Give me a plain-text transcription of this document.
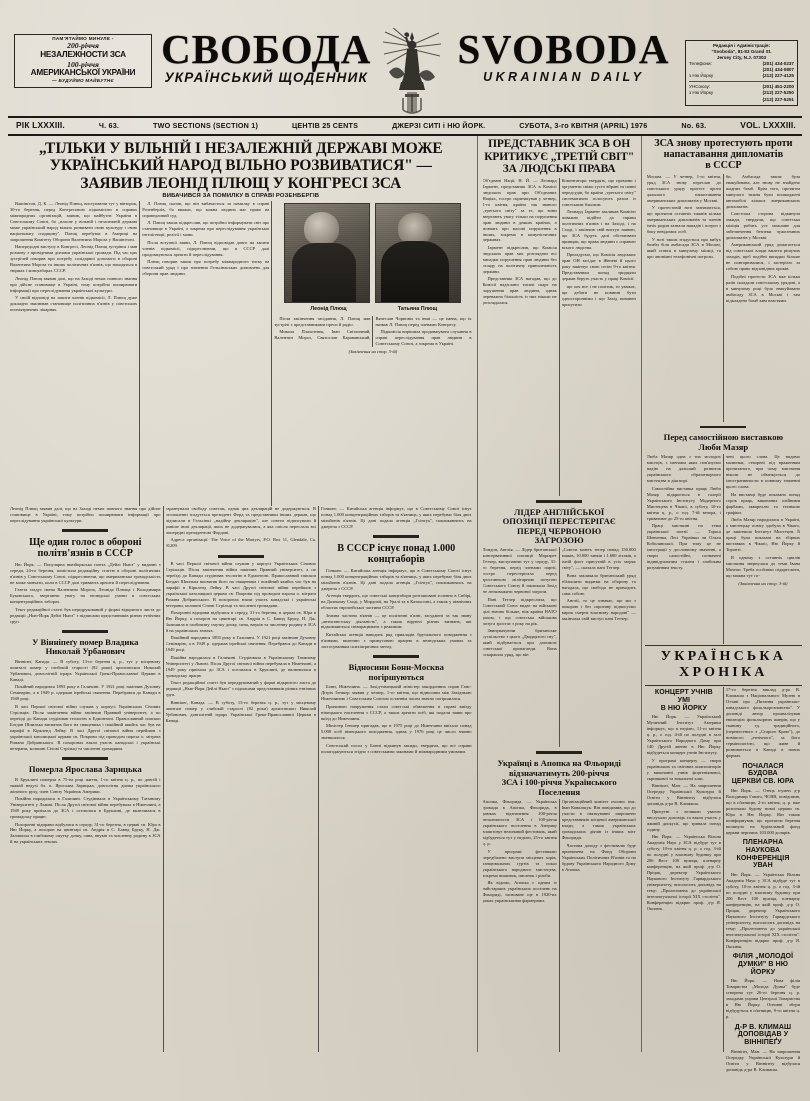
ПАМ'ЯТАЙМО МИНУЛЕ -
200-річчя
НЕЗАЛЕЖНОСТИ ЗСА
100-річчя
АМЕРИКАНСЬКОЇ УКРАЇНИ
— БУДУЙМО МАЙБУТНЄ
СВОБОДА
УКРАЇНСЬКИЙ ЩОДЕННИК
SVOBODA
UKRAINIAN DAILY
Редакція і Адміністрація:
"Svoboda", 81-83 Grand St.
Jersey City, N.J. 07303
Телефони:	(201) 434-0237
(201) 434-0807
з Ню Йорку	(212) 227-4125
УНСоюзу:	(201) 451-2200
з Ню Йорку	(212) 227-5250
(212) 227-5251
РІК LXXXIII.	Ч. 63.	TWO SECTIONS (SECTION 1)	ЦЕНТІВ 25 CENTS	ДЖЕРЗІ СИТІ і НЮ ЙОРК.	СУБОТА, 3-го КВІТНЯ (APRIL) 1976	No. 63.	VOL. LXXXIII.
„ТІЛЬКИ У ВІЛЬНІЙ І НЕЗАЛЕЖНІЙ ДЕРЖАВІ МОЖЕ
УКРАЇНСЬКИЙ НАРОД ВІЛЬНО РОЗВИВАТИСЯ" —
ЗАЯВИВ ЛЕОНІД ПЛЮЩ У КОНГРЕСІ ЗСА
ВИБАЧИВСЯ ЗА ПОМИЛКУ В СПРАВІ РОЗЕНБЕРГІВ

Вашінґтон, Д. К. — Леонід Плющ, виступаючи тут у вівторок, 30-го березня, перед Конгресовою підкомісією в справах міжнародних організацій, заявив, що майбутнє України в Совєтському Союзі, бо „власне у вільній і незалежній державі може український народ вільно розвивати свою культуру і свою національну спадщину". Плющ перебуває в Америці на запрошення Комітету Оборони Валентина Мороза у Вашінґтоні.

Напередодні виступу в Конгресі, Леонід Плющ зустрівся і мав розмову з провідними діячами української громади. Під час цих зустрічей говорив про потребу солідарної допомоги в обороні Валентина Мороза та інших політичних в'язнів, що находяться в тюрмах і концтаборах СССР.

Леонід Плющ заявив далі, що на Заході немає повного знання про дійсне становище в Україні, тому потрібно поширювати інформації про переслідування української культури.

У своїй відповіді на запити членів підкомісії, Л. Плющ дуже докладно змалював становище політичних в'язнів у совєтських психіятричних лікарнях.

Л. Плющ сказав, що він вибачається за помилку в справі Розенберґів, бо вважає, що кожна людина має право на справедливий суд.

Л. Плющ також підкреслив, що потрібно інформувати світ про становище в Україні, а зокрема про переслідування української інтелігенції, релігії і мови.

Після вступної заяви, Л. Плющ відповідав довго на запити членів підкомісії, підкреслюючи, що в СССР далі продовжуються арешти й переслідування.

Плющ говорив також про потребу міжнародного тиску на совєтський уряд і про значення Гельсінкських домовлень для оборони прав людини.

Леонід Плющ	Татьяна Плющ

Після закінчення засідання, Л. Плющ мав зустрічі з представниками преси й радіо.

Микола Плахотнюк, Іван Світличний, Валентин Мороз, Святослав Караванський, Вячеслав Чорновіл та інші — це імена, що їх назвав Л. Плющ перед членами Конгресу.

Підкомісія вирішила продовжувати слухання в справі переслідування прав людини в Совєтському Союзі, а зокрема в Україні.

(Закінчення на стор. 3-ій)

Леонід Плющ заявив далі, що на Заході немає повного знання про дійсне становище в Україні, тому потрібно поширювати інформації про переслідування української культури.

Ще один голос в обороні
політв'язнів в СССР

Ню Йорк. — Популярна ньюйоркська газета „Дейлі Ньюз" у виданні з середи, 24-го березня, помістила редакційну статтю в обороні політичних в'язнів у Совєтському Союзі, підкреслюючи, що американська громадськість не може мовчати, коли в СССР далі тривають арешти й переслідування.

Газета згадує імена Валентина Мороза, Леоніда Плюща і Володимира Буковського, звертаючи увагу на нелюдські умови в совєтських концентраційних таборах.

Текст редакційної статті був передрукований у формі відкритого листа до редакції „Нью-Йорк Дейлі Ньюз" з підписами представників різних етнічних груп.

У Вінніпеґу помер Владика
Николай Урбанович

Вінніпеґ, Канада. — В суботу, 13-го березня ц. р., тут у місцевому шпиталі помер у глибокій старості (82 роки) архиєпископ Николай Урбанович, довголітній ієрарх Української Греко-Православної Церкви в Канаді.

Покійний народився 1893 року в Галичині. У 1921 році закінчив Духовну Семінарію, а в 1949 р. одержав ієрейські свячення. Перебрався до Канади в 1949 році.

В часі Першої світової війни служив у корпусі Українських Січових Стрільців. Після закінчення війни закінчив Правний університет, а по переїзді до Канади студіював теологію в Едмонтоні. Православний єпископ Богдан Шпилька висвятив його на священика і покійний якийсь час був на парафії в Кіркленд Лейку. В часі Другої світової війни перейшов з української католицької церкви св. Покрови під проводом пароха о. мітрата Романа Добрянського. В похоронах взяли участь канадські і українські ветерани, колишні Січові Стрільці та численні громадяни.

Померла Ярослава Зарицька

В Бруклині померла в 75-ім році життя, 1-го квітня ц. р., по довгій і тяжкій недузі бл. п. Ярослава Зарицька, довголітня діячка українського жіночого руху, член Союзу Українок Америки.

Покійна народилася в Галичині. Студіювала в Українському Таємному Університеті у Львові. Після Другої світової війни перебувала в Німеччині, а 1949 року приїхала до ЗСА і оселилася в Бруклині, де включилася в громадську працю.

Похоронні відправи відбулися в середу, 31-го березня, в церкві св. Юра в Ню Йорку, а похорон на цвинтарі св. Андрія в С. Бавнд Бруку, Н. Дж. Залишила в глибокому смутку дочку, сина, внуків та численну родину в ЗСА й на українських землях.

гарантували свободу совєтам, однак цих деклярацій не додержуються. В оголошенні згадується президент Форд та представники інших держав, що підписали в Гельсінкі „надійну деклярацію", але совєти підписували й раніше інші деклярації, яких не додержувалися, а яка опісля переслала всі попередні президентові Фордові.

Адреса організації: The Voice of the Martyrs, P.O. Box 11, Glendale, Ca. 91209.

В часі Першої світової війни служив у корпусі Українських Січових Стрільців. Після закінчення війни закінчив Правний університет, а по переїзді до Канади студіював теологію в Едмонтоні. Православний єпископ Богдан Шпилька висвятив його на священика і покійний якийсь час був на парафії в Кіркленд Лейку. В часі Другої світової війни перейшов з української католицької церкви св. Покрови під проводом пароха о. мітрата Романа Добрянського. В похоронах взяли участь канадські і українські ветерани, колишні Січові Стрільці та численні громадяни.

Похоронні відправи відбулися в середу, 31-го березня, в церкві св. Юра в Ню Йорку, а похорон на цвинтарі св. Андрія в С. Бавнд Бруку, Н. Дж. Залишила в глибокому смутку дочку, сина, внуків та численну родину в ЗСА й на українських землях.

Покійний народився 1893 року в Галичині. У 1921 році закінчив Духовну Семінарію, а в 1949 р. одержав ієрейські свячення. Перебрався до Канади в 1949 році.

Покійна народилася в Галичині. Студіювала в Українському Таємному Університеті у Львові. Після Другої світової війни перебувала в Німеччині, а 1949 року приїхала до ЗСА і оселилася в Бруклині, де включилася в громадську працю.

Текст редакційної статті був передрукований у формі відкритого листа до редакції „Нью-Йорк Дейлі Ньюз" з підписами представників різних етнічних груп.

Вінніпеґ, Канада. — В суботу, 13-го березня ц. р., тут у місцевому шпиталі помер у глибокій старості (82 роки) архиєпископ Николай Урбанович, довголітній ієрарх Української Греко-Православної Церкви в Канаді.

Гонконг. — Китайська агенція інформує, що в Совєтському Союзі існує понад 1.000 концентраційних таборів та в'язниць, у яких перебуває біля двох мільйонів в'язнів. Ці дані подала агенція „Гсінгуа", покликаючись на джерела з СССР.

В СССР існує понад 1.000
концтаборів

Гонконг. — Китайська агенція інформує, що в Совєтському Союзі існує понад 1.000 концентраційних таборів та в'язниць, у яких перебуває біля двох мільйонів в'язнів. Ці дані подала агенція „Гсінгуа", покликаючись на джерела з СССР.

Агенція твердить, що совєтські концтабори розташовані головно в Сибірі, на Далекому Сході, у Мордовії, на Уралі та в Казахстані, а також у північних областях європейської частини СССР.

Значна частина в'язнів — це політичні в'язні, засуджені за так звану „антисовєтську діяльність", а також віруючі різних визнань, які відмовляються співпрацювати з режимом.

Китайська агенція наводить ряд прикладів брутального поводження з в'язнями, включно з примусовою працею в нелюдських умовах та застосуванням психіятричних метод.

Відносини Бонн-Москва
погіршуються

Бонн, Німеччина. — Захід-німецький міністер закордонних справ Ганс-Дітріх Ґеншер заявив у четвер, 1-го квітня, що відносини між Західньою Німеччиною і Совєтським Союзом останнім часом значно погіршилися.

Причиною напруження стали совєтські обмеження в справі виїзду німецького населення з СССР, а також арешти осіб, які подали заяви про виїзд до Німеччини.

Міністер Ґеншер пригадав, що в 1975 році до Німеччини виїхало понад 5.000 осіб німецького походження, однак у 1976 році це число значно зменшилося.

Совєтський посол у Бонні відкинув закиди, твердячи, що всі справи полагоджуються згідно з совєтськими законами й міжнародними умовами.

ПРЕДСТАВНИК ЗСА В ОН
КРИТИКУЄ „ТРЕТІЙ СВІТ"
ЗА ЛЮДСЬКІ ПРАВА

Об'єднані Нації, Н. Й. — Леонард Ґармент, представник ЗСА в Комісії людських прав при Об'єднаних Націях, гостро скритикував у четвер, 1-го квітня, країни так званого „третього світу" за те, що вони звертають увагу тільки на порушення прав людини в деяких країнах, а мовчать про масові порушення в інших, зокрема в комуністичних державах.

Ґармент підкреслив, що Комісія людських прав має розглядати всі випадки порушення прав людини без огляду на політичну приналежність держави.

Представник ЗСА нагадав, що до Комісії надіслано тисячі скарг на порушення прав людини, однак переважна більшість із них ніколи не розглядалася.

Коментатори твердять, що промови і аргументи свіжо густо вбрані та повні передсудів, бо країни „третього світу" систематично голосують разом із совєтським бльоком.

Леонард Ґармент закликав Комісію поважно підійти до справи політичних в'язнів і на Заході, і на Сході, і закінчив свій виступ заявою, що ЗСА будуть далі обстоювати принцип, що права людини є справою всього людства.

Пригадуємо, що Комісія людських прав ОН засідає в Женеві й цього року закінчує свою сесію 9-го квітня. Представники понад тридцяти держав беруть участь у праці Комісії.

що хоч все і не політик, то уважає, що дебати не повинні бути односторонніми і що Захід повинен присутити

ЛІДЕР АНГЛІЙСЬКОЇ
ОПОЗИЦІЇ ПЕРЕСТЕРІГАЄ
ПЕРЕД ЧЕРВОНОЮ
ЗАГРОЗОЮ

Лондон, Англія. — Лідер британської консервативної опозиції Марґарет Тетчер, виступаючи тут у середу, 31-го березня, перед членами партії, гостро перестерігала перед зростаючою мілітарною потугою Совєтського Союзу й закликала Захід не легковажити червоної загрози.

Пані Тетчер підкреслила, що Совєтський Союз видає на військові цілі значно більше, ніж країни НАТО разом, і що совєтська військова потуга зростає з року на рік.

Звинувачуючи британське суспільство з цього „Двадцятого сну", який відбувається при допомозі совєтської пропаганди. Вона оскаржила уряд, що він

„Совєти мають тепер понад 150.000 вояків, 10.000 танків і 1.600 літаків, а їхній флот присутній в усіх морях світу", — сказала пані Тетчер.

Вона закликала британський уряд збільшити видатки на оборону та нагадала, що свобода не приходить сама собою.

Англії, то це означає, що ми з покорою і без спротиву підписуємо вирок смерти власному народові" — закінчила свій виступ пані Тетчер.

Українці в Апопка на Фльориді
відзначатимуть 200-річчя
ЗСА і 100-річчя Українського
Поселення

Апопка, Фльорида. — Українська громада в Апопка, Фльорида, в рамках відзначення 200-річчя незалежности ЗСА і 100-річчя українського поселення в Америці влаштовує величавий фестиваль, який відбудеться тут у неділю, 25-го квітня ц. р.

У програмі фестивалю передбачено виступи місцевих хорів, танцювальних гуртів та показ українського народного мистецтва, зокрема вишивок, писанок і різьби.

Як відомо, Апопка є одним із найстарших українських поселень на Фльориді, засноване ще в 1920-их роках українськими фармерами.

Організаційний комітет очолює інж. Іван Ковальчук. Він повідомив, що до участи в святкуванні запрошено представників місцевої американської влади, а також українських громадських діячів із інших міст Фльориди.

Частина доходу з фестивалю буде призначена на Фонд Оборони Українських Політичних В'язнів та на будову Українського Народного Дому в Апопка.

ЗСА знову протестують проти
напаставання дипломатів
в СССР

Москва. — У четвер, 1-го квітня, уряд ЗСА знову переслав до совєтського уряду протест проти дальшого напаставання американських дипломатів у Москві.

У протестовій ноті зазначається, що протягом останніх тижнів кілька американських дипломатів та членів їхніх родин зазнали нападів і погроз з боку невідомих осіб.

У ноті також згадується про вибух бомби біля амбасади ЗСА в Москві, який стався в минулому місяці, та про анонімні телефонічні погрози.

би. Амбасада також була евакуйована, але знову не знайдено жадних бомб. Крім того, протягом минулого тижня були пошкоджені автомобілі кількох американських дипломатів.

Совєтська сторона відкинула закиди, твердячи, що совєтська міліція робить усе можливе для забезпечення безпеки чужоземних дипломатів у Москві.

Американський уряд домагається від совєтської влади вжиття рішучих заходів, щоб подібні випадки більше не повторювалися, і застерігає за собою право відповідних кроків.

Подібні протести ЗСА вже кілька разів складали совєтському урядові, а в минулому році було евакуйовано амбасаду ЗСА в Москві і там підкладено бомб ким властями.

Перед самостійною виставкою
Люби Мазяр

Люба Мазяр одна з тих молодих мистців, з іменами яких пов'язуємо надію на дальший розвиток українського образотворчого мистецтва в діяспорі.

Самостійна виставка праць Люби Мазяр відкриється в галерії Українського Інституту Модерного Мистецтва в Чікаґо, в суботу, 10-го квітня ц. р., о год. 7-ій вечора, і триватиме до 25-го квітня.

Праці мисткині на теми української поезії — Тараса Шевченка, Лесі Українки чи Ольги Кобилянської. При тому це не ілюстрації у дословному значенні, а твори самостійні, позначені індивідуальним стилем і глибоким розумінням тексту.

чені цього слова. Це видимо малюнки, створені під враженням прочитаного, при чому мисткиня ніколи не обмежується до ілюстративности в повному значенні цього слова.

На виставці буде показано понад сорок праць, виконаних олійними фарбами, аквареллю та технікою графіки.

Люба Мазяр народилася в Україні, а мистецьку освіту здобула в Чікаґо, де закінчила Інститут Мистецтв. Її праці були показані на збірних виставках в Чікаґо, Ню Йорку й Торонті.

В одному з останніх циклів мисткиня звернулася до теми Івана Мазепи. Треба особливо підкреслити, що можна тут го-

(Закінчення на стор. 3-ій)
УКРАЇНСЬКА ХРОНІКА
КОНЦЕРТ УЧНІВ УМІ
В НЮ ЙОРКУ

Ню Йорк. — Український Музичний Інститут Америки інформує, що в неділю, 11-го квітня ц. р., о год. 4-ій по полудні в залі Українського Народного Дому при 140 Другій авеню в Ню Йорку відбудеться концерт учнів Інституту.

У програмі концерту — твори українських та світових композиторів у виконанні учнів фортепіянової, скрипкової та вокальної кляс.

Вінніпеґ, Ман. — На запрошення Осередку Української Культури й Освіти у Вінніпеґу відбулася доповідь д-ра В. Климаша.

Присутні з великою увагою вислухали доповідь та взяли участь у жвавій дискусії, що тривала понад годину.

Ню Йорк. — Українська Вільна Академія Наук у ЗСА відбуде тут в суботу, 10-го квітня ц. р. о год. 3-ій по полудні у власному будинку при 206 Вест 100 вулиця, пленарну конференцію, на якій проф. д-р О. Пріцак, директор Українського Наукового Інституту Гарвардського університету, виголосить доповідь на тему: „Пролегомена до української інтелектуальної історії XIX століття". Конференцію відкриє проф. д-р Я. Оксиюк.

17-го березня виклад д-ра В. Климаша з Національного Музею в Оттаві про „Питання українсько-канадського фолкльорознавства". У доповіді автор проаналізував еволюцію фолкльорних жанрів, що у тканину ед. традиційного, (перенесеного з „Старого Краю"), до новішого „етнічного", за його термінологією, що живе й розвивається в Канаді в нових формах.

ПОЧАЛАСЯ БУДОВА
ЦЕРКВИ СВ. ЮРА

Ню Йорк. — Отець ігумен д-р Володимир Гавліч, ЧСВВ, повідомив, що в п'ятницю, 2-го квітня, ц. р. вже розпочали будову нової церкви св. Юра в Ню Йорку. Він також поінформував, що протягом березня вплинуло на будівельний фонд церкви чергових 103.000 долярів.

ПЛЕНАРНА НАУКОВА
КОНФЕРЕНЦІЯ УВАН

Ню Йорк. — Українська Вільна Академія Наук у ЗСА відбуде тут в суботу, 10-го квітня ц. р. о год. 3-ій по полудні у власному будинку при 206 Вест 100 вулиця, пленарну конференцію, на якій проф. д-р О. Пріцак, директор Українського Наукового Інституту Гарвардського університету, виголосить доповідь на тему: „Пролегомена до української інтелектуальної історії XIX століття". Конференцію відкриє проф. д-р Я. Оксиюк.

ФІЛІЯ „МОЛОДОЇ
ДУМКИ" В НЮ ЙОРКУ

Ню Йорк. — Нова філія Товариства „Молода Думка" буде створена тут 26-го березня ц. р. заходами управи Централі Товариства в Ню Йорку. Основні збори відбудуться в п'ятницю, 9-го квітня ц. р.

Д-Р В. КЛИМАШ ДОПОВІДАВ У ВІННІПЕҐУ

Вінніпеґ, Ман. — На запрошення Осередку Української Культури й Освіти у Вінніпеґу відбулася доповідь д-ра В. Климаша.
